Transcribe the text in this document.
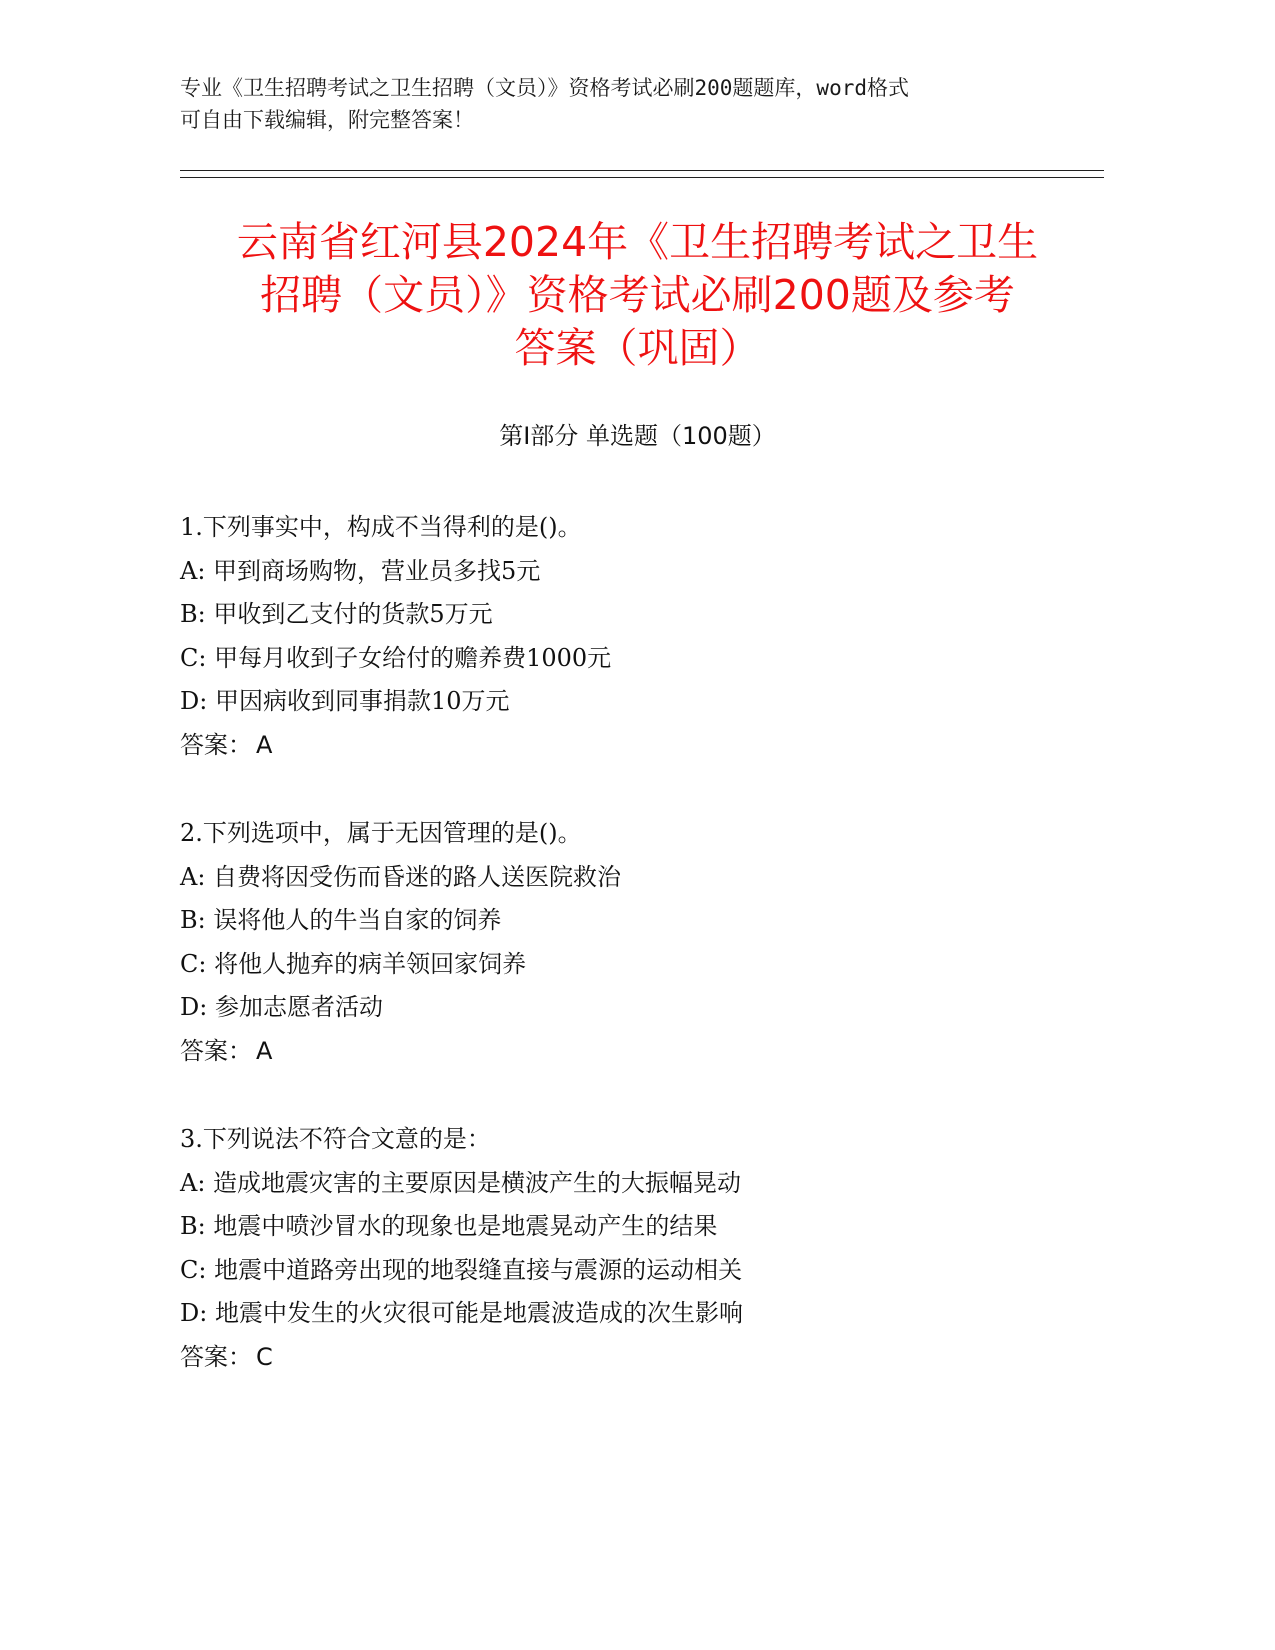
专业《卫生招聘考试之卫生招聘（文员）》资格考试必刷200题题库，word格式
可自由下载编辑，附完整答案！
云南省红河县2024年《卫生招聘考试之卫生
招聘（文员）》资格考试必刷200题及参考
答案（巩固）
第Ⅰ部分 单选题（100题）
1.下列事实中，构成不当得利的是()。
A: 甲到商场购物，营业员多找5元
B: 甲收到乙支付的货款5万元
C: 甲每月收到子女给付的赡养费1000元
D: 甲因病收到同事捐款10万元
答案： A
2.下列选项中，属于无因管理的是()。
A: 自费将因受伤而昏迷的路人送医院救治
B: 误将他人的牛当自家的饲养
C: 将他人抛弃的病羊领回家饲养
D: 参加志愿者活动
答案： A
3.下列说法不符合文意的是：
A: 造成地震灾害的主要原因是横波产生的大振幅晃动
B: 地震中喷沙冒水的现象也是地震晃动产生的结果
C: 地震中道路旁出现的地裂缝直接与震源的运动相关
D: 地震中发生的火灾很可能是地震波造成的次生影响
答案： C
